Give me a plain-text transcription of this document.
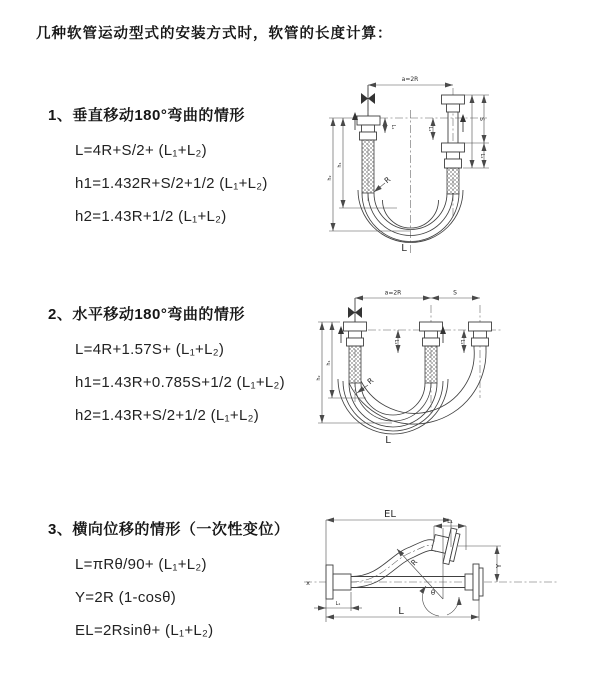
几种软管运动型式的安装方式时，软管的长度计算：
1、垂直移动180°弯曲的情形
L=4R+S/2+ (L₁+L₂)
h1=1.432R+S/2+1/2 (L₁+L₂)
h2=1.43R+1/2 (L₁+L₂)
2、水平移动180°弯曲的情形
L=4R+1.57S+ (L₁+L₂)
h1=1.43R+0.785S+1/2 (L₁+L₂)
h2=1.43R+S/2+1/2 (L₁+L₂)
3、横向位移的情形（一次性变位）
L=πRθ/90+ (L₁+L₂)
Y=2R (1-cosθ)
EL=2Rsinθ+ (L₁+L₂)
a=2R
h₁
h₂
L₁	L₁
S
L₁
R
L
a=2R	S
L₁	L₁
h₁
h₂	R
L
x
EL
L₁
Y
R
θ
L₁
L
